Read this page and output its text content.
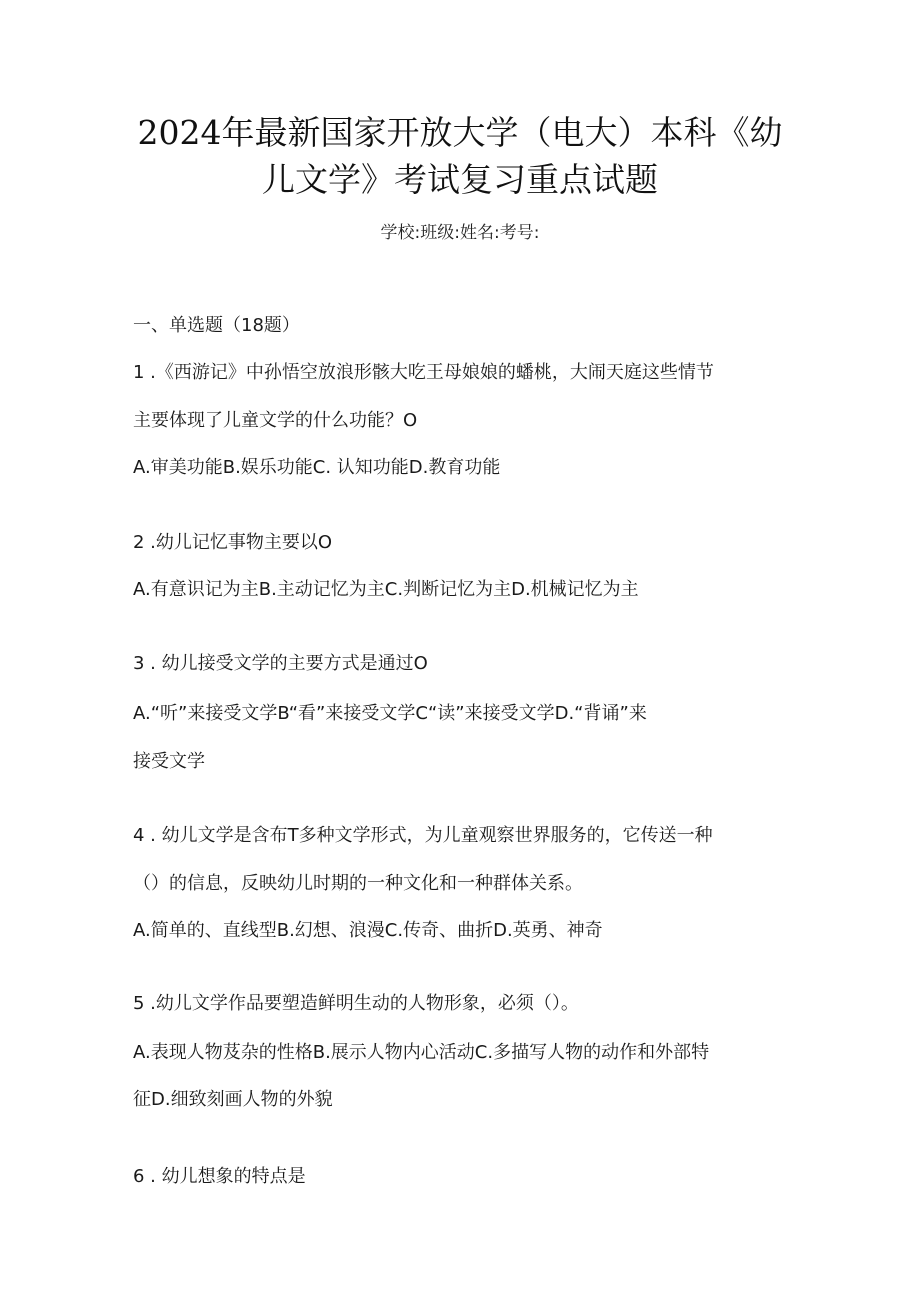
2024年最新国家开放大学（电大）本科《幼
儿文学》考试复习重点试题
学校:班级:姓名:考号:
一、单选题（18题）
1 .《西游记》中孙悟空放浪形骸大吃王母娘娘的蟠桃，大闹天庭这些情节
主要体现了儿童文学的什么功能？O
A.审美功能B.娱乐功能C. 认知功能D.教育功能
2 .幼儿记忆事物主要以O
A.有意识记为主B.主动记忆为主C.判断记忆为主D.机械记忆为主
3 . 幼儿接受文学的主要方式是通过O
A.“听”来接受文学B“看”来接受文学C“读”来接受文学D.“背诵”来
接受文学
4 . 幼儿文学是含布T多种文学形式，为儿童观察世界服务的，它传送一种
（）的信息，反映幼儿时期的一种文化和一种群体关系。
A.简单的、直线型B.幻想、浪漫C.传奇、曲折D.英勇、神奇
5 .幼儿文学作品要塑造鲜明生动的人物形象，必须（）。
A.表现人物芨杂的性格B.展示人物内心活动C.多描写人物的动作和外部特
征D.细致刻画人物的外貌
6 . 幼儿想象的特点是
